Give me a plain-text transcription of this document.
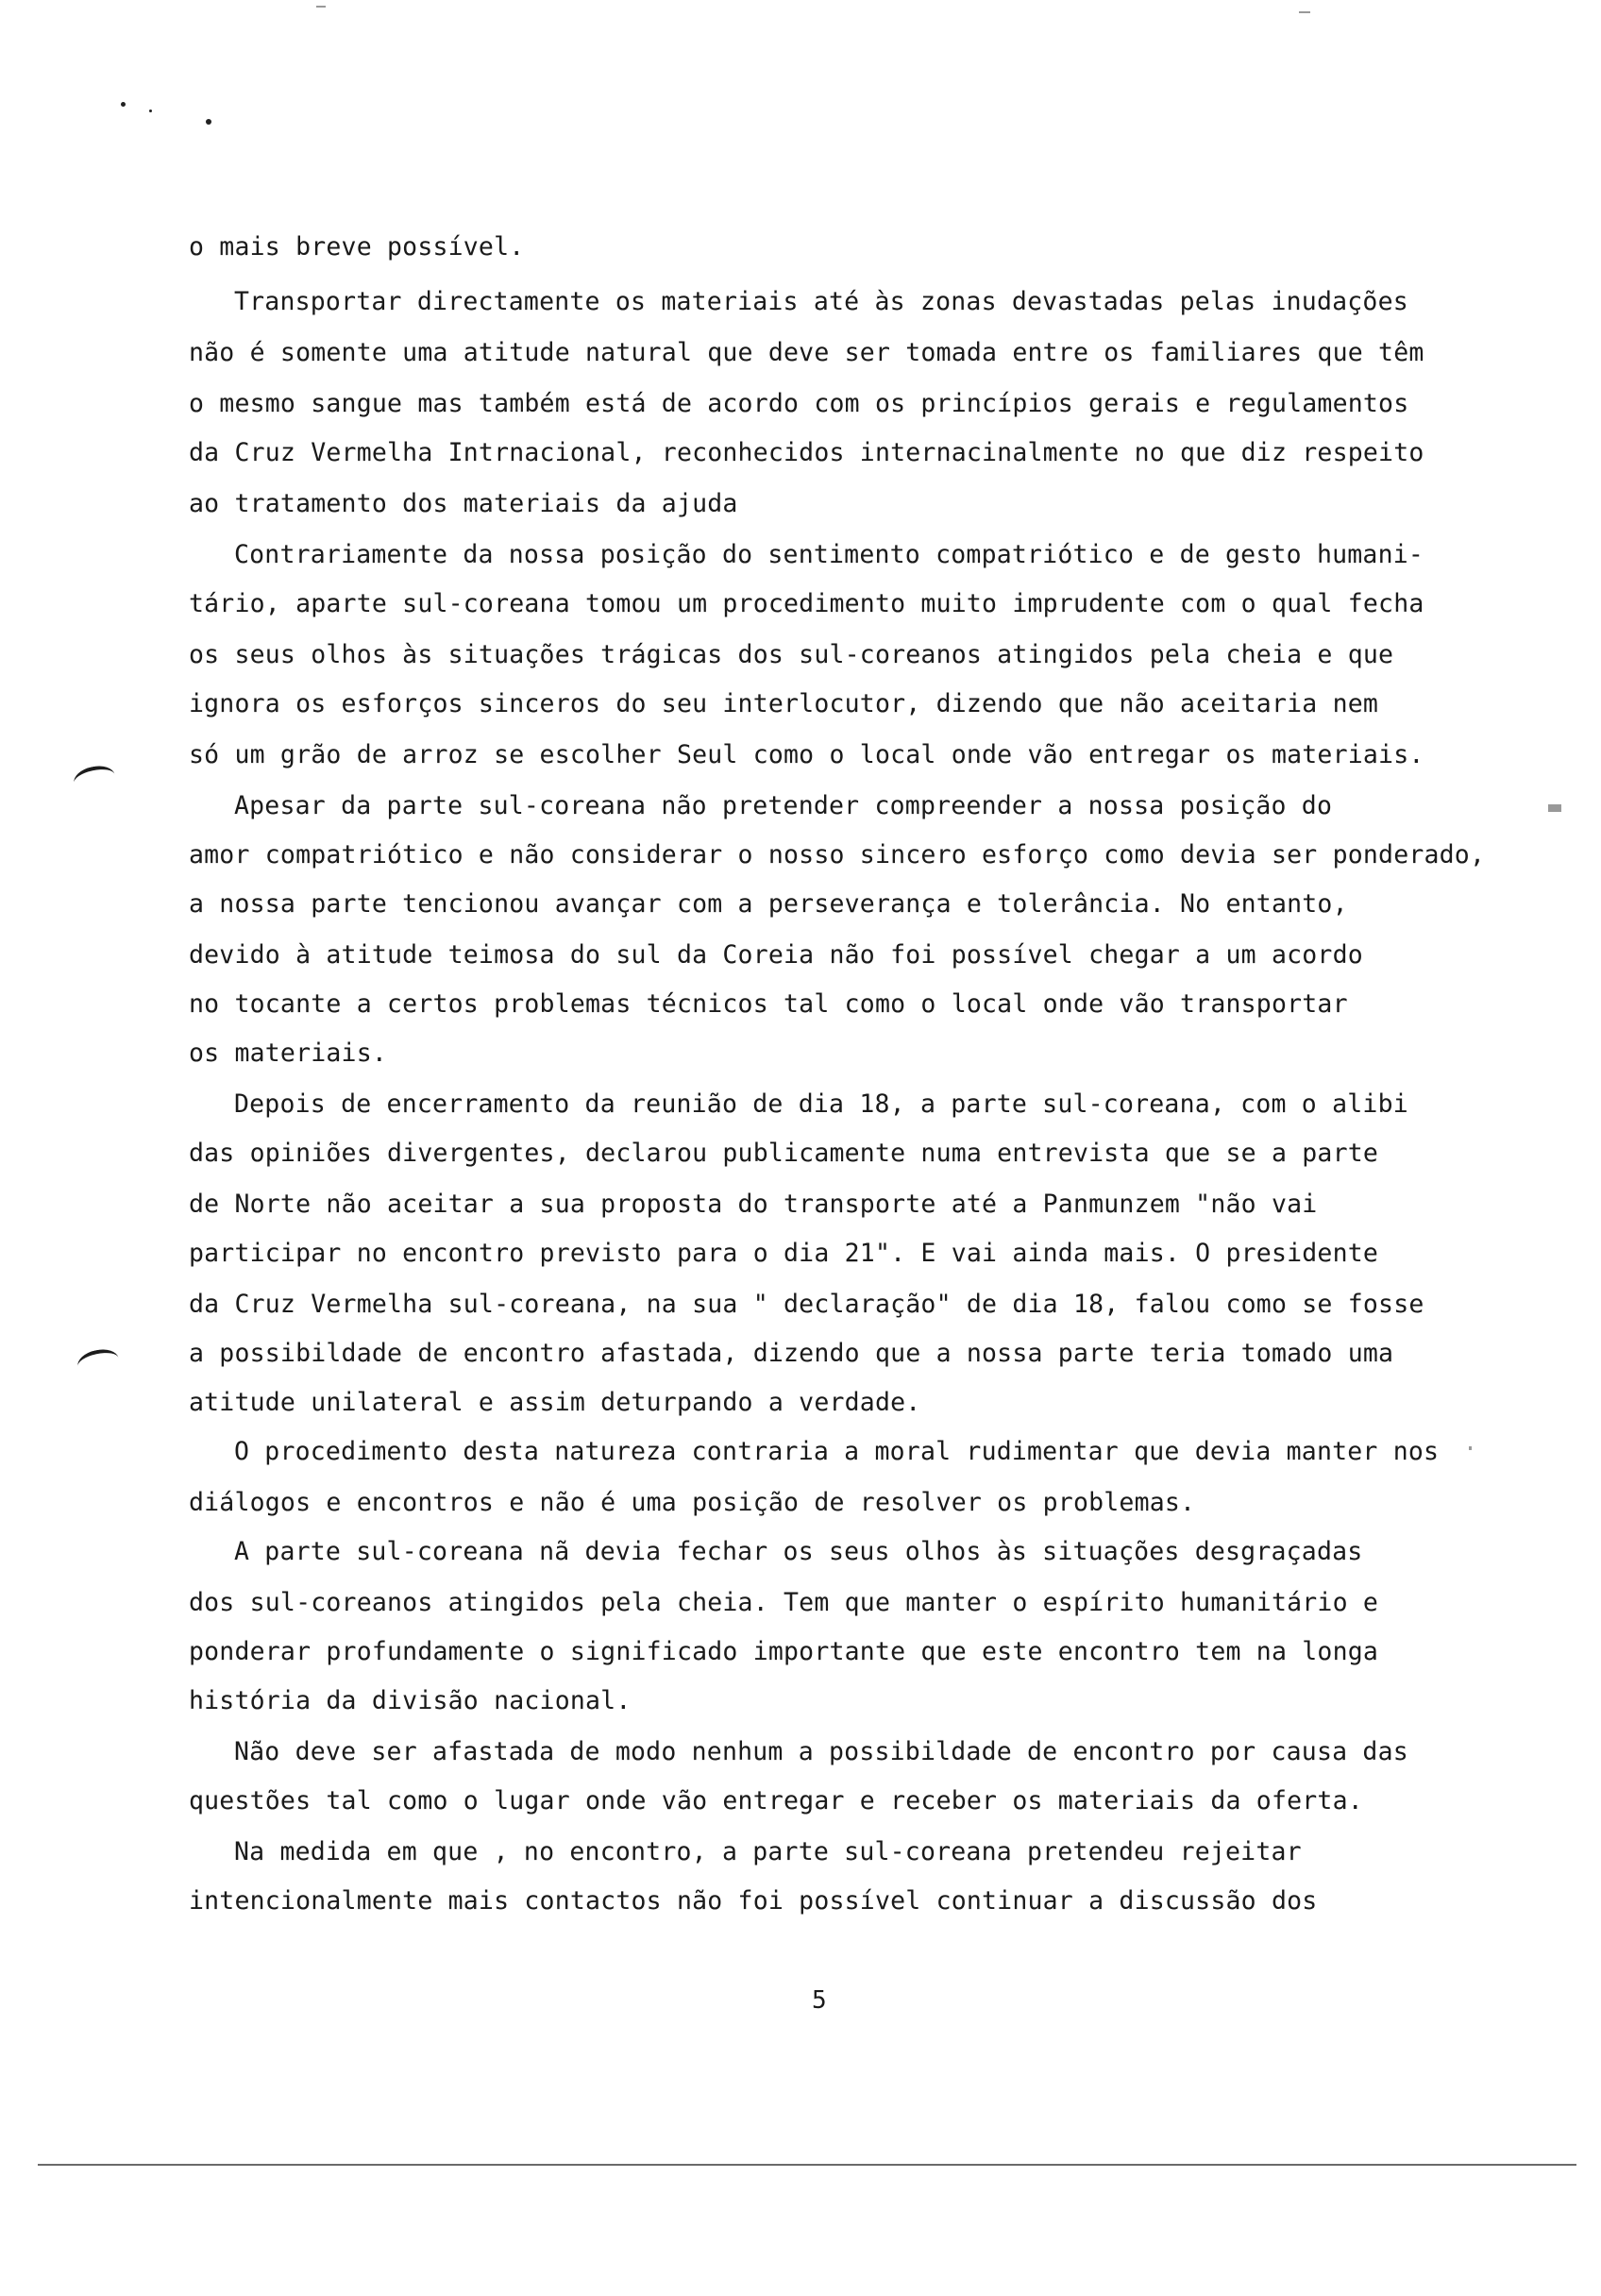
o mais breve possível.
Transportar directamente os materiais até às zonas devastadas pelas inudações
não é somente uma atitude natural que deve ser tomada entre os familiares que têm
o mesmo sangue mas também está de acordo com os princípios gerais e regulamentos
da Cruz Vermelha Intrnacional, reconhecidos internacinalmente no que diz respeito
ao tratamento dos materiais da ajuda
Contrariamente da nossa posição do sentimento compatriótico e de gesto humani-
tário, aparte sul-coreana tomou um procedimento muito imprudente com o qual fecha
os seus olhos às situações trágicas dos sul-coreanos atingidos pela cheia e que
ignora os esforços sinceros do seu interlocutor, dizendo que não aceitaria nem
só um grão de arroz se escolher Seul como o local onde vão entregar os materiais.
Apesar da parte sul-coreana não pretender compreender a nossa posição do
amor compatriótico e não considerar o nosso sincero esforço como devia ser ponderado,
a nossa parte tencionou avançar com a perseverança e tolerância. No entanto,
devido à atitude teimosa do sul da Coreia não foi possível chegar a um acordo
no tocante a certos problemas técnicos tal como o local onde vão transportar
os materiais.
Depois de encerramento da reunião de dia 18, a parte sul-coreana, com o alibi
das opiniões divergentes, declarou publicamente numa entrevista que se a parte
de Norte não aceitar a sua proposta do transporte até a Panmunzem "não vai
participar no encontro previsto para o dia 21". E vai ainda mais. O presidente
da Cruz Vermelha sul-coreana, na sua " declaração" de dia 18, falou como se fosse
a possibildade de encontro afastada, dizendo que a nossa parte teria tomado uma
atitude unilateral e assim deturpando a verdade.
O procedimento desta natureza contraria a moral rudimentar que devia manter nos
diálogos e encontros e não é uma posição de resolver os problemas.
A parte sul-coreana nã devia fechar os seus olhos às situações desgraçadas
dos sul-coreanos atingidos pela cheia. Tem que manter o espírito humanitário e
ponderar profundamente o significado importante que este encontro tem na longa
história da divisão nacional.
Não deve ser afastada de modo nenhum a possibildade de encontro por causa das
questões tal como o lugar onde vão entregar e receber os materiais da oferta.
Na medida em que , no encontro, a parte sul-coreana pretendeu rejeitar
intencionalmente mais contactos não foi possível continuar a discussão dos
5
